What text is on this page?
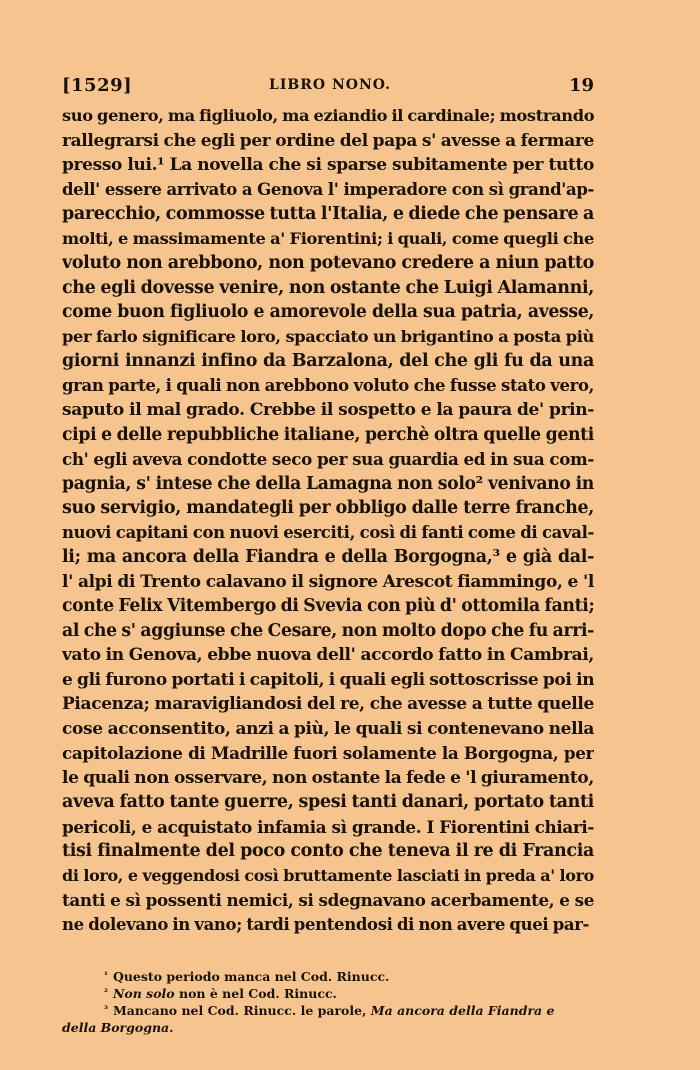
[1529]	LIBRO NONO.	19
suo genero, ma figliuolo, ma eziandio il cardinale; mostrando
rallegrarsi che egli per ordine del papa s' avesse a fermare
presso lui.¹ La novella che si sparse subitamente per tutto
dell' essere arrivato a Genova l' imperadore con sì grand'ap-
parecchio, commosse tutta l'Italia, e diede che pensare a
molti, e massimamente a' Fiorentini; i quali, come quegli che
voluto non arebbono, non potevano credere a niun patto
che egli dovesse venire, non ostante che Luigi Alamanni,
come buon figliuolo e amorevole della sua patria, avesse,
per farlo significare loro, spacciato un brigantino a posta più
giorni innanzi infino da Barzalona, del che gli fu da una
gran parte, i quali non arebbono voluto che fusse stato vero,
saputo il mal grado. Crebbe il sospetto e la paura de' prin-
cipi e delle repubbliche italiane, perchè oltra quelle genti
ch' egli aveva condotte seco per sua guardia ed in sua com-
pagnia, s' intese che della Lamagna non solo² venivano in
suo servigio, mandategli per obbligo dalle terre franche,
nuovi capitani con nuovi eserciti, così di fanti come di caval-
li; ma ancora della Fiandra e della Borgogna,³ e già dal-
l' alpi di Trento calavano il signore Arescot fiammingo, e 'l
conte Felix Vitembergo di Svevia con più d' ottomila fanti;
al che s' aggiunse che Cesare, non molto dopo che fu arri-
vato in Genova, ebbe nuova dell' accordo fatto in Cambrai,
e gli furono portati i capitoli, i quali egli sottoscrisse poi in
Piacenza; maravigliandosi del re, che avesse a tutte quelle
cose acconsentito, anzi a più, le quali si contenevano nella
capitolazione di Madrille fuori solamente la Borgogna, per
le quali non osservare, non ostante la fede e 'l giuramento,
aveva fatto tante guerre, spesi tanti danari, portato tanti
pericoli, e acquistato infamia sì grande. I Fiorentini chiari-
tisi finalmente del poco conto che teneva il re di Francia
di loro, e veggendosi così bruttamente lasciati in preda a' loro
tanti e sì possenti nemici, si sdegnavano acerbamente, e se
ne dolevano in vano; tardi pentendosi di non avere quei par-
$^{^1}$ Questo periodo manca nel Cod. Rinucc.
$^{^2}$ Non solo non è nel Cod. Rinucc.
$^{^3}$ Mancano nel Cod. Rinucc. le parole, Ma ancora della Fiandra e
della Borgogna.
